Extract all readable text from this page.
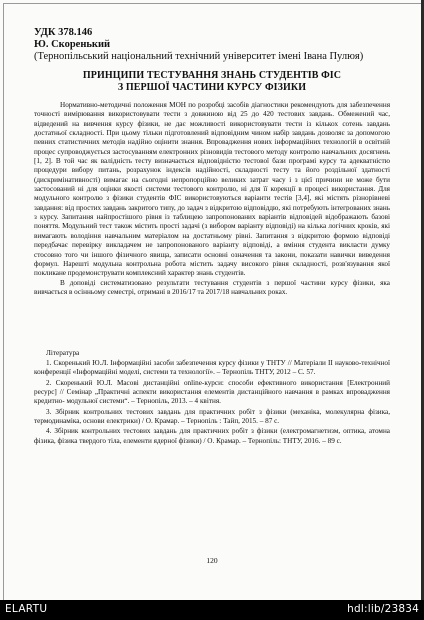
УДК 378.146
Ю. Скоренький
(Тернопільський національний технічний університет імені Івана Пулюя)
ПРИНЦИПИ ТЕСТУВАННЯ ЗНАНЬ СТУДЕНТІВ ФІС
З ПЕРШОЇ ЧАСТИНИ КУРСУ ФІЗИКИ

Нормативно-методичні положення МОН по розробці засобів діагностики рекомендують для забезпечення точності вимірювання використовувати тести з довжиною від 25 до 420 тестових завдань. Обмежений час, відведений на вивчення курсу фізики, не дає можливості використовувати тести із кількох сотень завдань достатньої складності. При цьому тільки підготовлений відповідним чином набір завдань дозволяє за допомогою певних статистичних методів надійно оцінити знання. Впровадження нових інформаційних технологій в освітній процес супроводжується застосуванням електронних різновидів тестового методу контролю навчальних досягнень [1, 2]. В той час як валідність тесту визначається відповідністю тестової бази програмі курсу та адекватністю процедури вибору питань, розрахунок індексів надійності, складності тесту та його роздільної здатності (дискримінативності) вимагає на сьогодні непропорційно великих затрат часу і з цієї причини не може бути застосований ні для оцінки якості системи тестового контролю, ні для її корекції в процесі використання. Для модульного контролю з фізики студентів ФІС використовуються варіанти тестів [3,4], які містять різнорівневі завдання: від простих завдань закритого типу, до задач з відкритою відповіддю, які потребують інтегрованих знань з курсу. Запитання найпростішого рівня із таблицею запропонованих варіантів відповідей відображають базові поняття. Модульний тест також містить прості задачі (з вибором варіанту відповіді) на кілька логічних кроків, які вимагають володіння навчальним матеріалом на достатньому рівні. Запитання з відкритою формою відповіді передбачає перевірку викладачем не запропонованого варіанту відповіді, а вміння студента викласти думку стосовно того чи іншого фізичного явища, записати основні означення та закони, показати навички виведення формул. Нарешті модульна контрольна робота містить задачу високого рівня складності, розв'язування якої покликане продемонструвати комплексний характер знань студентів.

В доповіді систематизовано результати тестування студентів з першої частини курсу фізики, яка вивчається в осінньому семестрі, отримані в 2016/17 та 2017/18 навчальних роках.

Література

1. Скоренький Ю.Л. Інформаційні засоби забезпечення курсу фізики у ТНТУ // Матеріали II науково-технічної конференції «Інформаційні моделі, системи та технології». – Тернопіль ТНТУ, 2012 – С. 57.

2. Скоренький Ю.Л. Масові дистанційні online-курси: способи ефективного використання [Електронний ресурс] // Семінар „Практичні аспекти використання елементів дистанційного навчання в рамках впровадження кредитно- модульної системи“. – Тернопіль, 2013. – 4 квітня.

3. Збірник контрольних тестових завдань для практичних робіт з фізики (механіка, молекулярна фізика, термодинаміка, основи електрики) / О. Крамар. – Тернопіль : Тайп, 2015. – 87 с.

4. Збірник контрольних тестових завдань для практичних робіт з фізики (електромагнетизм, оптика, атомна фізика, фізика твердого тіла, елементи ядерної фізики) / О. Крамар. – Тернопіль: ТНТУ, 2016. – 89 с.

120
ELARTU	hdl:lib/23834
